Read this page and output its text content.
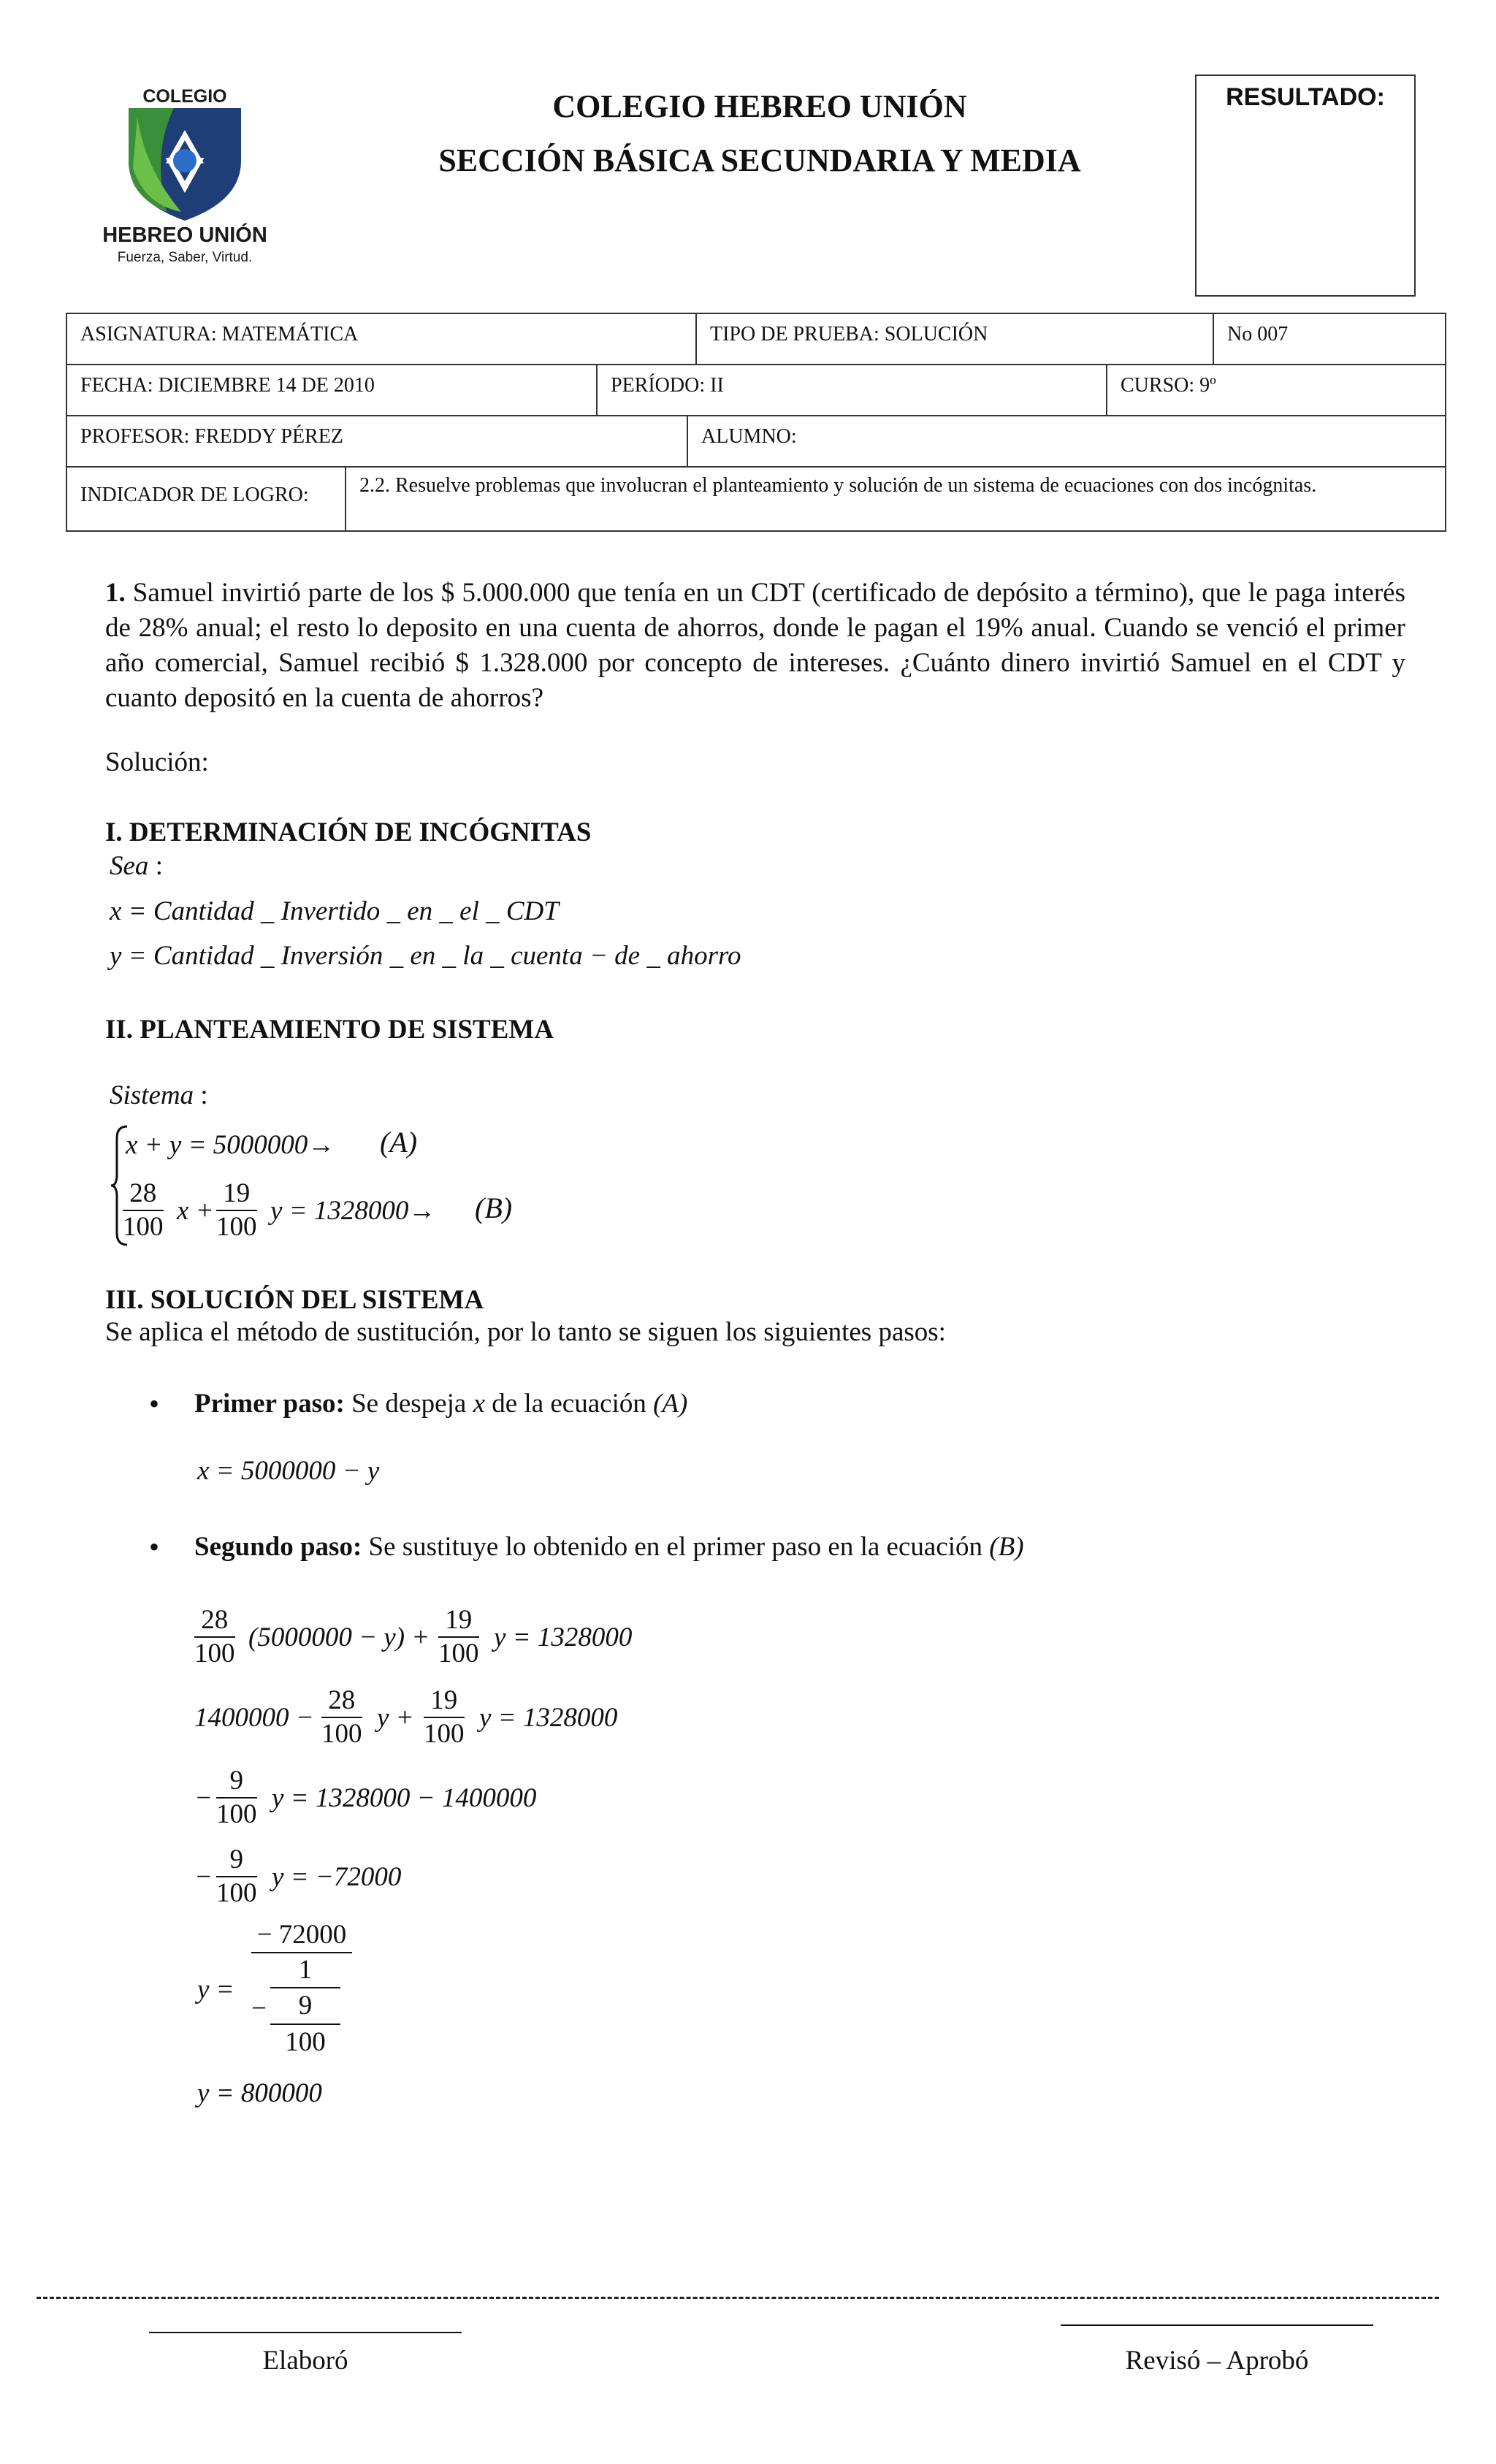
COLEGIO
HEBREO UNIÓN
Fuerza, Saber, Virtud.
COLEGIO HEBREO UNIÓN
SECCIÓN BÁSICA SECUNDARIA Y MEDIA
RESULTADO:
ASIGNATURA: MATEMÁTICA	TIPO DE PRUEBA: SOLUCIÓN	No 007
FECHA: DICIEMBRE 14 DE 2010	PERÍODO: II	CURSO: 9º
PROFESOR: FREDDY PÉREZ	ALUMNO:
INDICADOR DE LOGRO:	2.2. Resuelve problemas que involucran el planteamiento y solución de un sistema de ecuaciones con dos incógnitas.
1. Samuel invirtió parte de los $ 5.000.000 que tenía en un CDT (certificado de depósito a término), que le paga interés de 28% anual; el resto lo deposito en una cuenta de ahorros, donde le pagan el 19% anual. Cuando se venció el primer año comercial, Samuel recibió $ 1.328.000 por concepto de intereses. ¿Cuánto dinero invirtió Samuel en el CDT y cuanto depositó en la cuenta de ahorros?
Solución:
I. DETERMINACIÓN DE INCÓGNITAS
Sea :
x = Cantidad _ Invertido _ en _ el _ CDT
y = Cantidad _ Inversión _ en _ la _ cuenta − de _ ahorro
II. PLANTEAMIENTO DE SISTEMA
Sistema :
x + y = 5000000→ (A)
$\frac{28}{100}$ $x + \frac{19}{100}$ y = 1328000→ (B)
III. SOLUCIÓN DEL SISTEMA
Se aplica el método de sustitución, por lo tanto se siguen los siguientes pasos:
• Primer paso: Se despeja x de la ecuación (A)
x = 5000000 − y
• Segundo paso: Se sustituye lo obtenido en el primer paso en la ecuación (B)
$\frac{28}{100} (5000000 - y) + \frac{19}{100}$ y = 1328000
$1400000 - \frac{28}{100}$ $y + \frac{19}{100}$ y = 1328000
− $\frac{9}{100}$ y = 1328000 − 1400000
− $\frac{9}{100}$ y = −72000
y =
− 72000
−
1
9
100
y = 800000
Elaboró	Revisó – Aprobó
